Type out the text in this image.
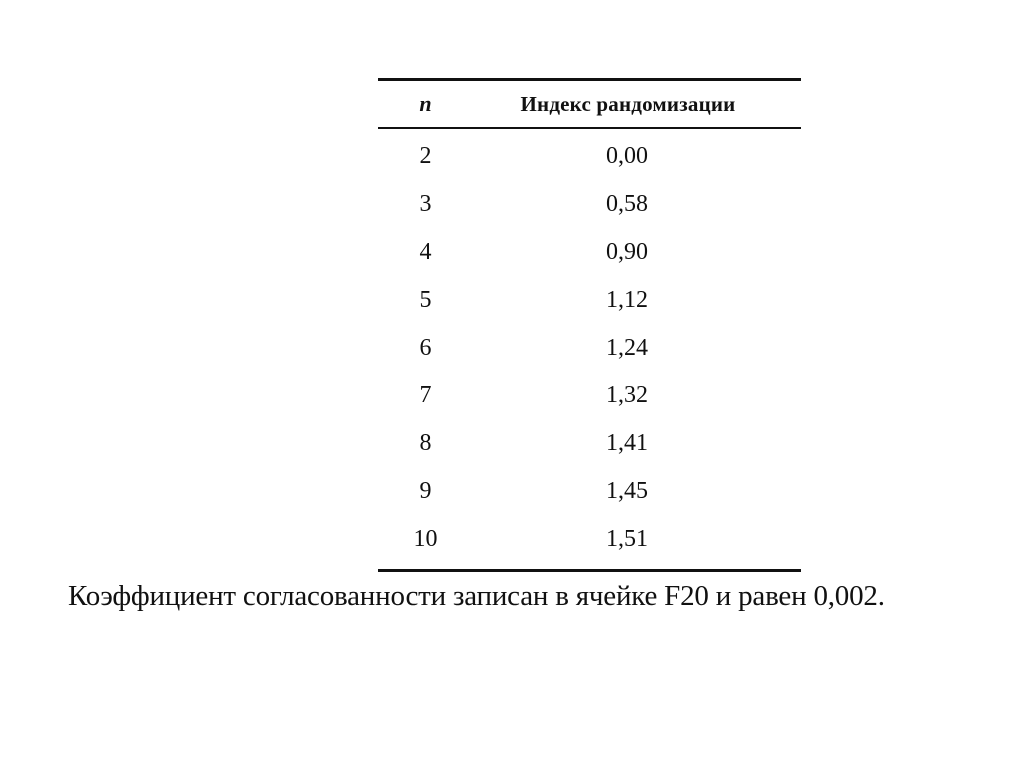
n	Индекс рандомизации
2	0,00
3	0,58
4	0,90
5	1,12
6	1,24
7	1,32
8	1,41
9	1,45
10	1,51
Коэффициент согласованности записан в ячейке F20 и равен 0,002.
